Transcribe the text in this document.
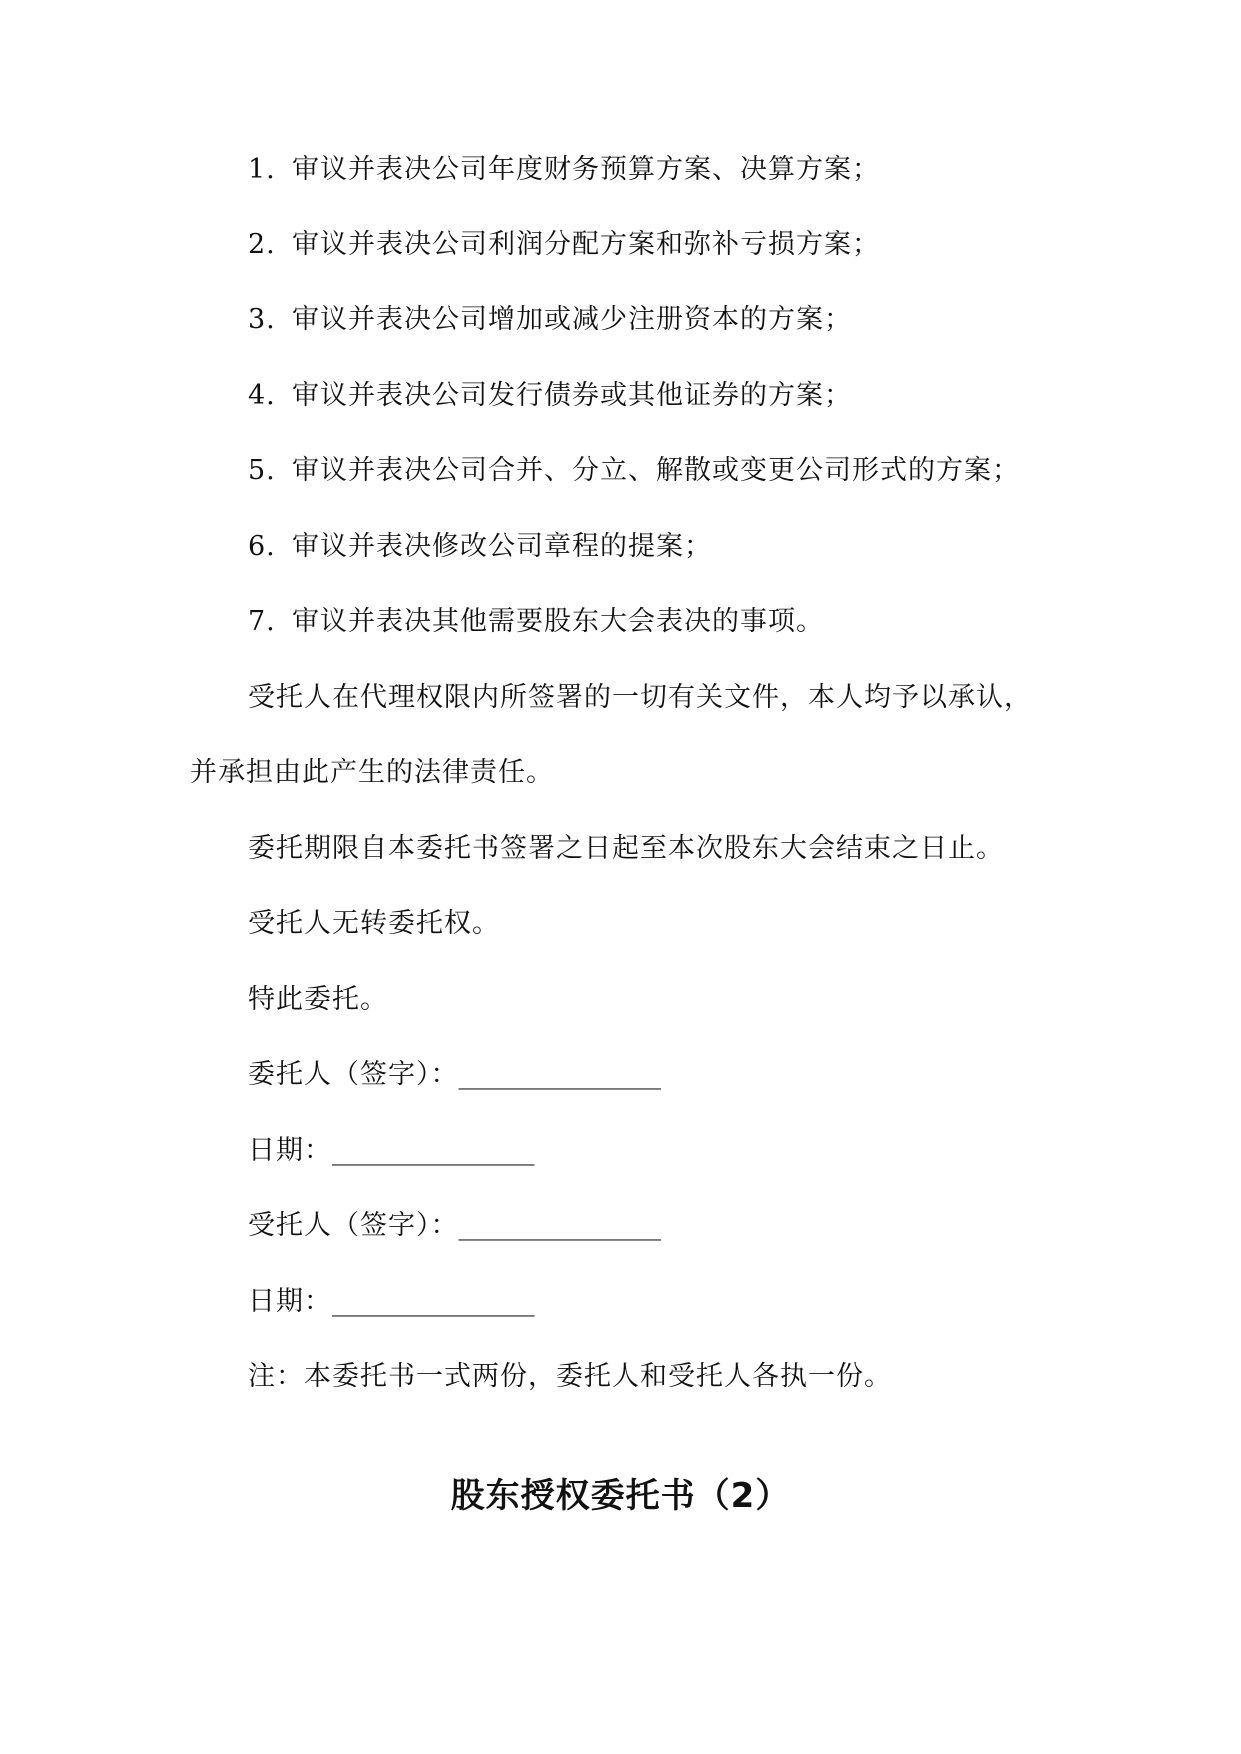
1. 审议并表决公司年度财务预算方案、决算方案；
2. 审议并表决公司利润分配方案和弥补亏损方案；
3. 审议并表决公司增加或减少注册资本的方案；
4. 审议并表决公司发行债券或其他证券的方案；
5. 审议并表决公司合并、分立、解散或变更公司形式的方案；
6. 审议并表决修改公司章程的提案；
7. 审议并表决其他需要股东大会表决的事项。
受托人在代理权限内所签署的一切有关文件，本人均予以承认，
并承担由此产生的法律责任。
委托期限自本委托书签署之日起至本次股东大会结束之日止。
受托人无转委托权。
特此委托。
委托人（签字）：_______________
日期：_______________
受托人（签字）：_______________
日期：_______________
注：本委托书一式两份，委托人和受托人各执一份。
股东授权委托书（2）
